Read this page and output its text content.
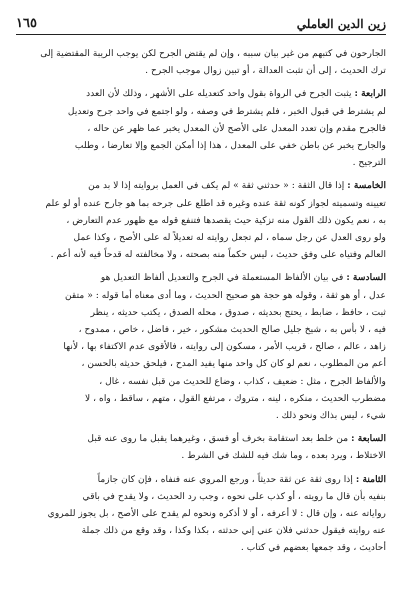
زين الدين العاملي
١٦٥
الجارحون في كتبهم من غير بيان سببه ، وإن لم يقتض الجرح لكن يوجب الريبة المقتضية إلى
ترك الحديث ، إلى أن تثبت العدالة ، أو تبين زوال موجب الجرح .
الرابعة : يثبت الجرح في الرواة بقول واحد كتعديله على الأشهر ، وذلك لأن العدد
لم يشترط في قبول الخبر ، فلم يشترط في وصفه ، ولو اجتمع في واحد جرح وتعديل
فالجرح مقدم وإن تعدد المعدل على الأصح لأن المعدل يخبر عما ظهر عن حاله ،
والجارح يخبر عن باطن خفي على المعدل ، هذا إذا أمكن الجمع وإلا تعارضا ، وطلب
الترجيح .
الخامسة : إذا قال الثقة : « حدثني ثقة » لم يكف في العمل بروايته إذا لا بد من
تعيينه وتسميته لجواز كونه ثقة عنده وغيره قد اطلع على جرحه بما هو جارح عنده أو لو علم
به ، نعم يكون ذلك القول منه تزكية حيث يقصدها فتنفع قوله مع ظهور عدم التعارض ،
ولو روى العدل عن رجل سماه ، لم تجعل روايته له تعديلاً له على الأصح ، وكذا عمل
العالم وفتياه على وفق حديث ، ليس حكماً منه بصحته ، ولا مخالفته له قدحاً فيه لأنه أعم .
السادسة : في بيان الألفاظ المستعملة في الجرح والتعديل ألفاظ التعديل هو
عدل ، أو هو ثقة ، وقوله هو حجة هو صحيح الحديث ، وما أدى معناه أما قوله : « متقن
ثبت ، حافظ ، ضابط ، يحتج بحديثه ، صدوق ، محله الصدق ، يكتب حديثه ، ينظر
فيه ، لا بأس به ، شيخ جليل صالح الحديث مشكور ، خير ، فاضل ، خاص ، ممدوح ،
زاهد ، عالم ، صالح ، قريب الأمر ، مسكون إلى روايته ، فالأقوى عدم الاكتفاء بها ، لأنها
أعم من المطلوب ، نعم لو كان كل واحد منها يفيد المدح ، فيلحق حديثه بالحسن ،
والألفاظ الجرح ، مثل : ضعيف ، كذاب ، وضاع للحديث من قبل نفسه ، غال ،
مضطرب الحديث ، منكره ، لينه ، متروك ، مرتفع القول ، متهم ، ساقط ، واه ، لا
شيء ، ليس بذاك ونحو ذلك .
السابعة : من خلط بعد استقامة بخرف أو فسق ، وغيرهما يقبل ما روى عنه قبل
الاختلاط ، ويرد بعده ، وما شك فيه للشك في الشرط .
الثامنة : إذا روى ثقة عن ثقة حديثاً ، ورجع المروي عنه فنفاه ، فإن كان جازماً
بنفيه بأن قال ما رويته ، أو كذب على نحوه ، وجب رد الحديث ، ولا يقدح في باقي
رواياته عنه ، وإن قال : لا أعرفه ، أو لا أذكره ونحوه لم يقدح على الأصح ، بل يجوز للمروي
عنه روايته فيقول حدثني فلان عني إني حدثته ، بكذا وكذا ، وقد وقع من ذلك جملة
أحاديث ، وقد جمعها بعضهم في كتاب .
